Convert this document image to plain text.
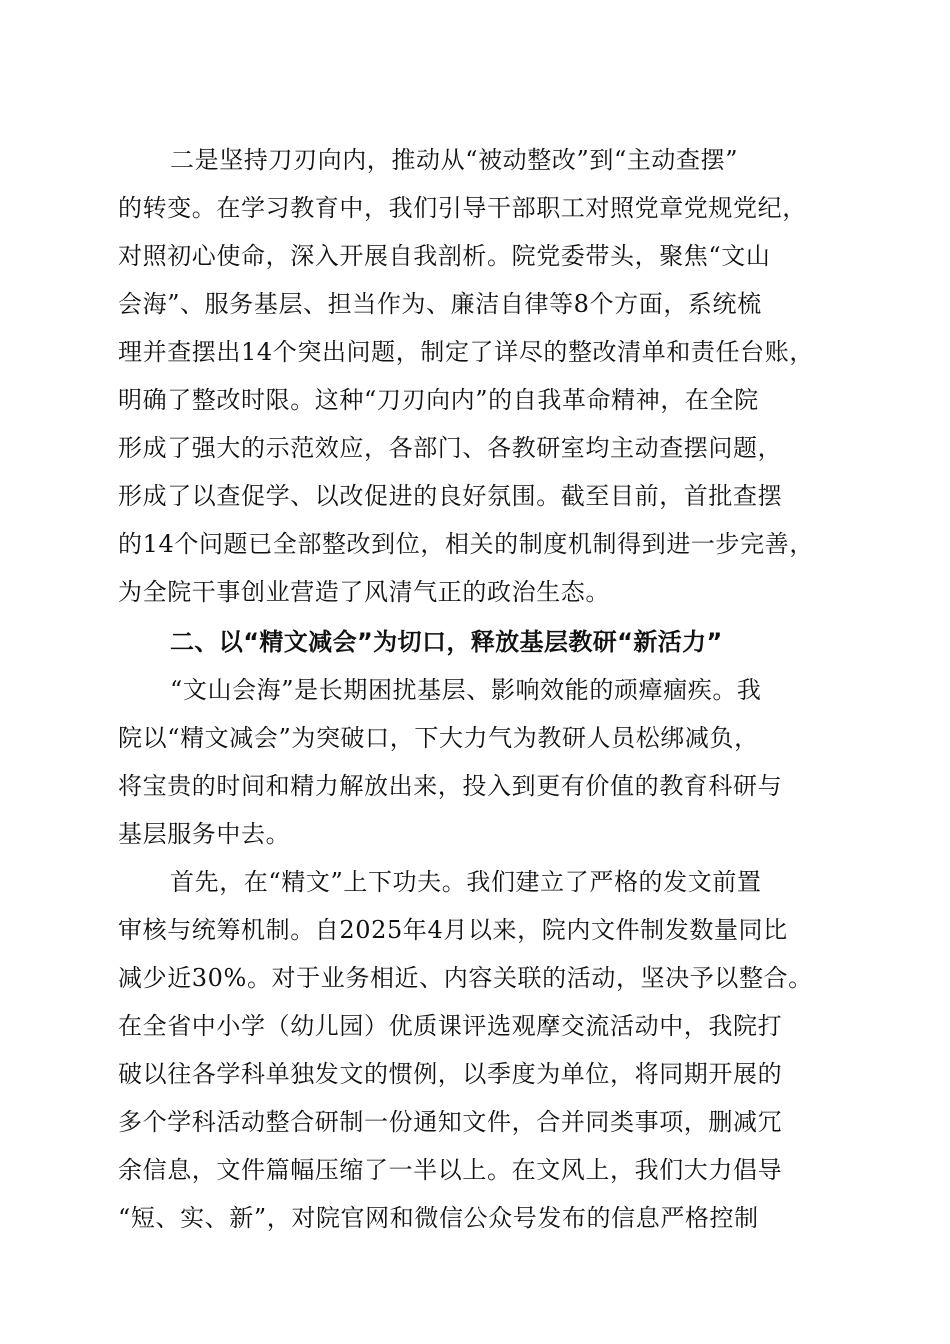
二是坚持刀刃向内，推动从“被动整改”到“主动查摆”
的转变。在学习教育中，我们引导干部职工对照党章党规党纪，
对照初心使命，深入开展自我剖析。院党委带头，聚焦“文山
会海”、服务基层、担当作为、廉洁自律等8个方面，系统梳
理并查摆出14个突出问题，制定了详尽的整改清单和责任台账，
明确了整改时限。这种“刀刃向内”的自我革命精神，在全院
形成了强大的示范效应，各部门、各教研室均主动查摆问题，
形成了以查促学、以改促进的良好氛围。截至目前，首批查摆
的14个问题已全部整改到位，相关的制度机制得到进一步完善，
为全院干事创业营造了风清气正的政治生态。
二、以“精文减会”为切口，释放基层教研“新活力”
“文山会海”是长期困扰基层、影响效能的顽瘴痼疾。我
院以“精文减会”为突破口，下大力气为教研人员松绑减负，
将宝贵的时间和精力解放出来，投入到更有价值的教育科研与
基层服务中去。
首先，在“精文”上下功夫。我们建立了严格的发文前置
审核与统筹机制。自2025年4月以来，院内文件制发数量同比
减少近30%。对于业务相近、内容关联的活动，坚决予以整合。
在全省中小学（幼儿园）优质课评选观摩交流活动中，我院打
破以往各学科单独发文的惯例，以季度为单位，将同期开展的
多个学科活动整合研制一份通知文件，合并同类事项，删减冗
余信息，文件篇幅压缩了一半以上。在文风上，我们大力倡导
“短、实、新”，对院官网和微信公众号发布的信息严格控制
